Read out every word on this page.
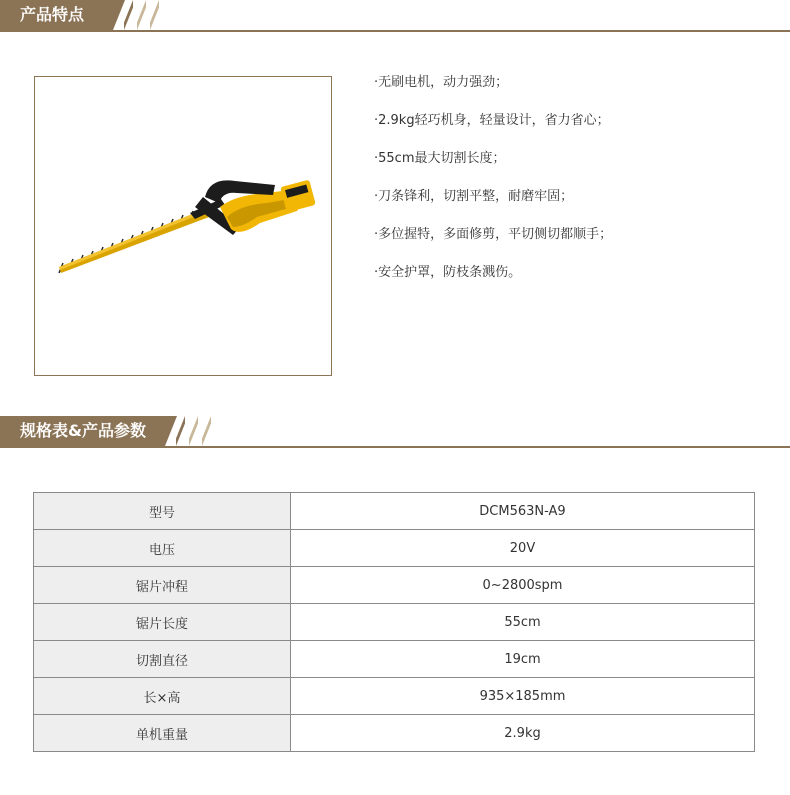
产品特点
·无刷电机，动力强劲；
·2.9kg轻巧机身，轻量设计，省力省心；
·55cm最大切割长度；
·刀条锋利，切割平整，耐磨牢固；
·多位握特，多面修剪，平切侧切都顺手；
·安全护罩，防枝条溅伤。
规格表&产品参数
型号	DCM563N-A9
电压	20V
锯片冲程	0~2800spm
锯片长度	55cm
切割直径	19cm
长×高	935×185mm
单机重量	2.9kg
